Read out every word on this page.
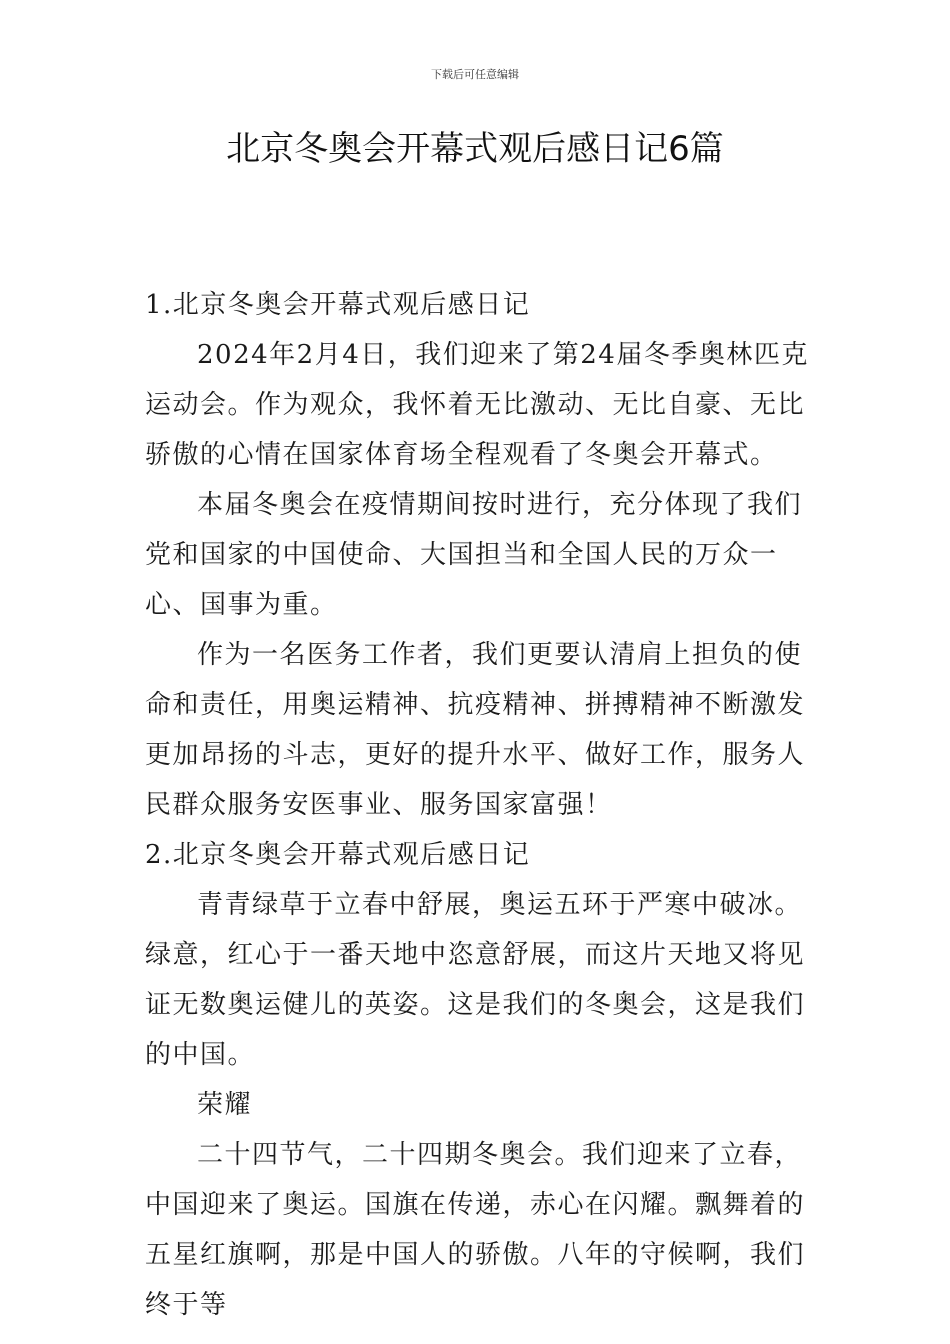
下载后可任意编辑
北京冬奥会开幕式观后感日记6篇
1.北京冬奥会开幕式观后感日记

2024年2月4日，我们迎来了第24届冬季奥林匹克运动会。作为观众，我怀着无比激动、无比自豪、无比骄傲的心情在国家体育场全程观看了冬奥会开幕式。

本届冬奥会在疫情期间按时进行，充分体现了我们党和国家的中国使命、大国担当和全国人民的万众一心、国事为重。

作为一名医务工作者，我们更要认清肩上担负的使命和责任，用奥运精神、抗疫精神、拼搏精神不断激发更加昂扬的斗志，更好的提升水平、做好工作，服务人民群众服务安医事业、服务国家富强！

2.北京冬奥会开幕式观后感日记

青青绿草于立春中舒展，奥运五环于严寒中破冰。绿意，红心于一番天地中恣意舒展，而这片天地又将见证无数奥运健儿的英姿。这是我们的冬奥会，这是我们的中国。

荣耀

二十四节气，二十四期冬奥会。我们迎来了立春，中国迎来了奥运。国旗在传递，赤心在闪耀。飘舞着的五星红旗啊，那是中国人的骄傲。八年的守候啊，我们终于等
